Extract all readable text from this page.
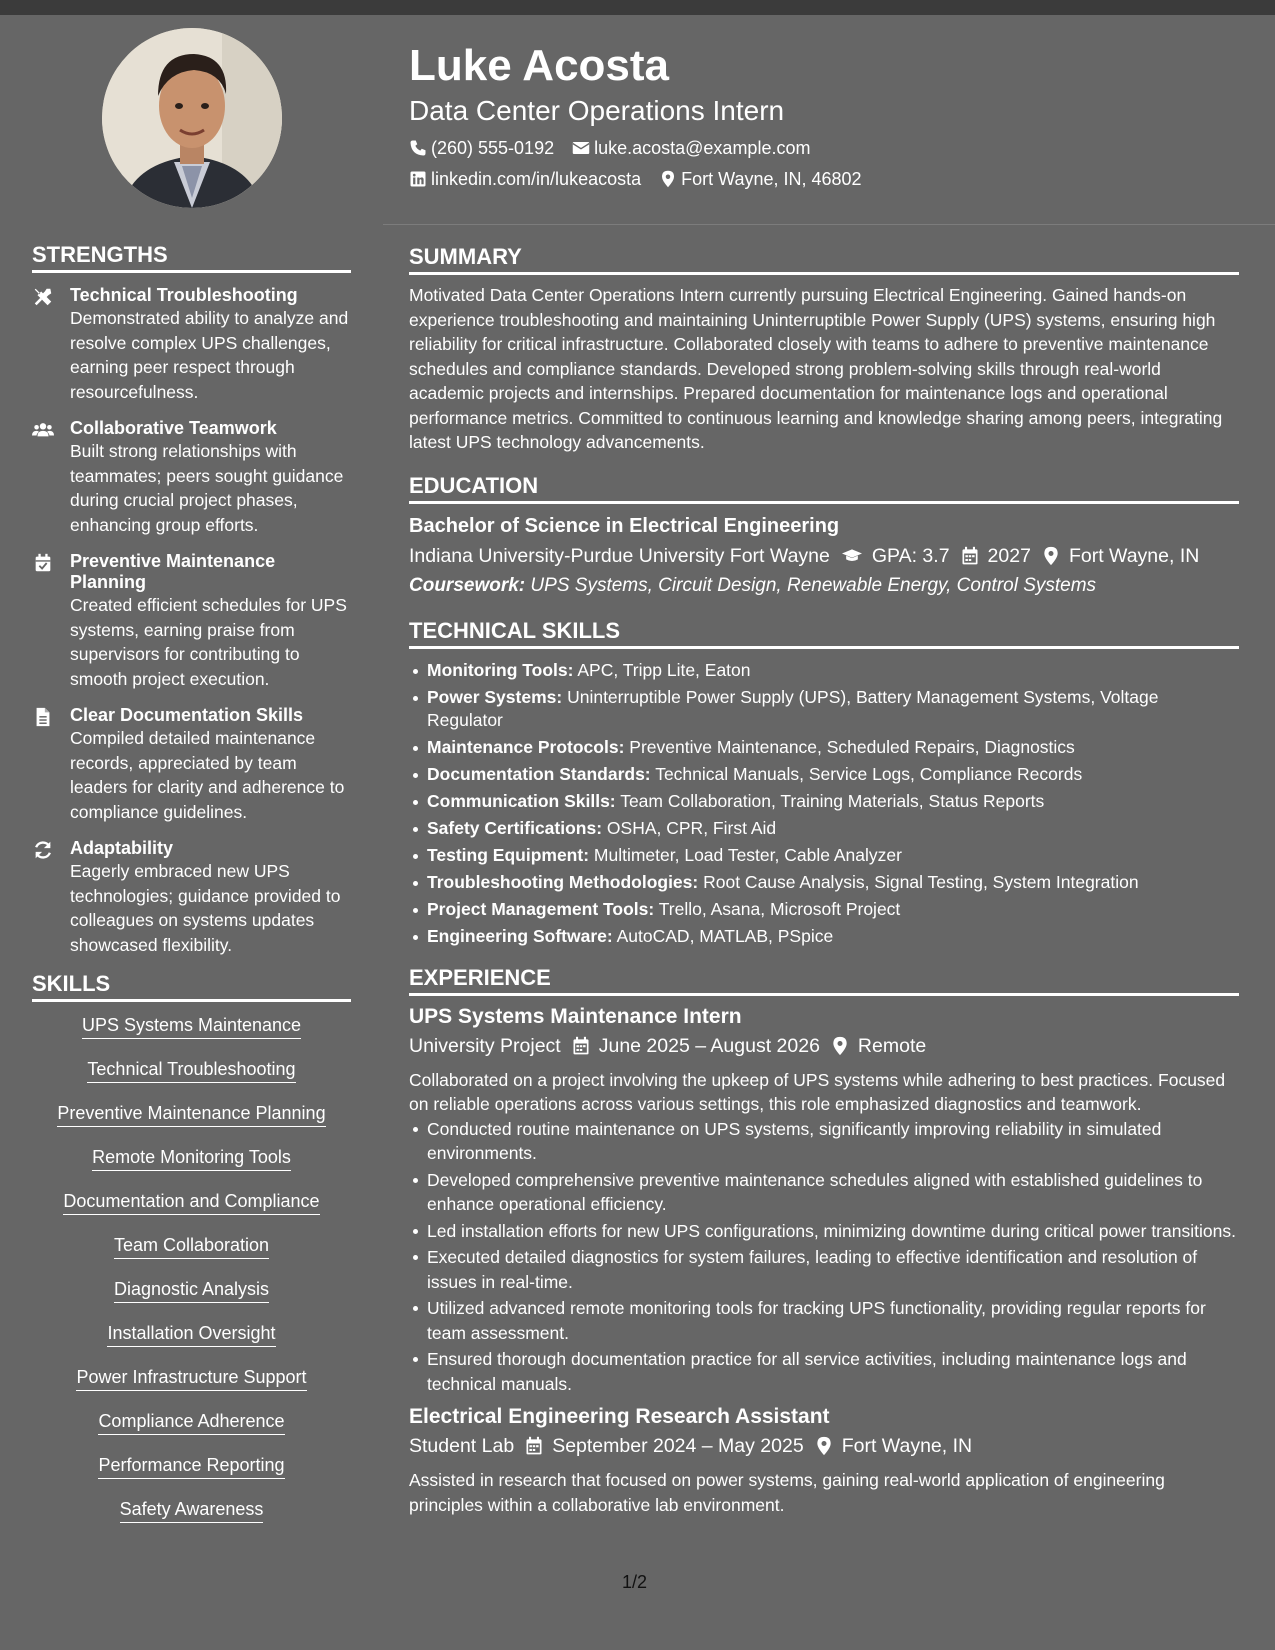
STRENGTHS
Technical Troubleshooting
Demonstrated ability to analyze and resolve complex UPS challenges, earning peer respect through resourcefulness.
Collaborative Teamwork
Built strong relationships with teammates; peers sought guidance during crucial project phases, enhancing group efforts.
Preventive Maintenance Planning
Created efficient schedules for UPS systems, earning praise from supervisors for contributing to smooth project execution.
Clear Documentation Skills
Compiled detailed maintenance records, appreciated by team leaders for clarity and adherence to compliance guidelines.
Adaptability
Eagerly embraced new UPS technologies; guidance provided to colleagues on systems updates showcased flexibility.
SKILLS
UPS Systems Maintenance
Technical Troubleshooting
Preventive Maintenance Planning
Remote Monitoring Tools
Documentation and Compliance
Team Collaboration
Diagnostic Analysis
Installation Oversight
Power Infrastructure Support
Compliance Adherence
Performance Reporting
Safety Awareness
Luke Acosta
Data Center Operations Intern
(260) 555-0192 luke.acosta@example.com
linkedin.com/in/lukeacosta Fort Wayne, IN, 46802
SUMMARY

Motivated Data Center Operations Intern currently pursuing Electrical Engineering. Gained hands-on experience troubleshooting and maintaining Uninterruptible Power Supply (UPS) systems, ensuring high reliability for critical infrastructure. Collaborated closely with teams to adhere to preventive maintenance schedules and compliance standards. Developed strong problem-solving skills through real-world academic projects and internships. Prepared documentation for maintenance logs and operational performance metrics. Committed to continuous learning and knowledge sharing among peers, integrating latest UPS technology advancements.

EDUCATION
Bachelor of Science in Electrical Engineering
Indiana University-Purdue University Fort Wayne GPA: 3.7 2027 Fort Wayne, IN
Coursework: UPS Systems, Circuit Design, Renewable Energy, Control Systems
TECHNICAL SKILLS
Monitoring Tools: APC, Tripp Lite, Eaton
Power Systems: Uninterruptible Power Supply (UPS), Battery Management Systems, Voltage Regulator
Maintenance Protocols: Preventive Maintenance, Scheduled Repairs, Diagnostics
Documentation Standards: Technical Manuals, Service Logs, Compliance Records
Communication Skills: Team Collaboration, Training Materials, Status Reports
Safety Certifications: OSHA, CPR, First Aid
Testing Equipment: Multimeter, Load Tester, Cable Analyzer
Troubleshooting Methodologies: Root Cause Analysis, Signal Testing, System Integration
Project Management Tools: Trello, Asana, Microsoft Project
Engineering Software: AutoCAD, MATLAB, PSpice
EXPERIENCE
UPS Systems Maintenance Intern
University Project June 2025 – August 2026 Remote
Collaborated on a project involving the upkeep of UPS systems while adhering to best practices. Focused on reliable operations across various settings, this role emphasized diagnostics and teamwork.
Conducted routine maintenance on UPS systems, significantly improving reliability in simulated environments.
Developed comprehensive preventive maintenance schedules aligned with established guidelines to enhance operational efficiency.
Led installation efforts for new UPS configurations, minimizing downtime during critical power transitions.
Executed detailed diagnostics for system failures, leading to effective identification and resolution of issues in real-time.
Utilized advanced remote monitoring tools for tracking UPS functionality, providing regular reports for team assessment.
Ensured thorough documentation practice for all service activities, including maintenance logs and technical manuals.
Electrical Engineering Research Assistant
Student Lab September 2024 – May 2025 Fort Wayne, IN
Assisted in research that focused on power systems, gaining real-world application of engineering principles within a collaborative lab environment.
1/2
